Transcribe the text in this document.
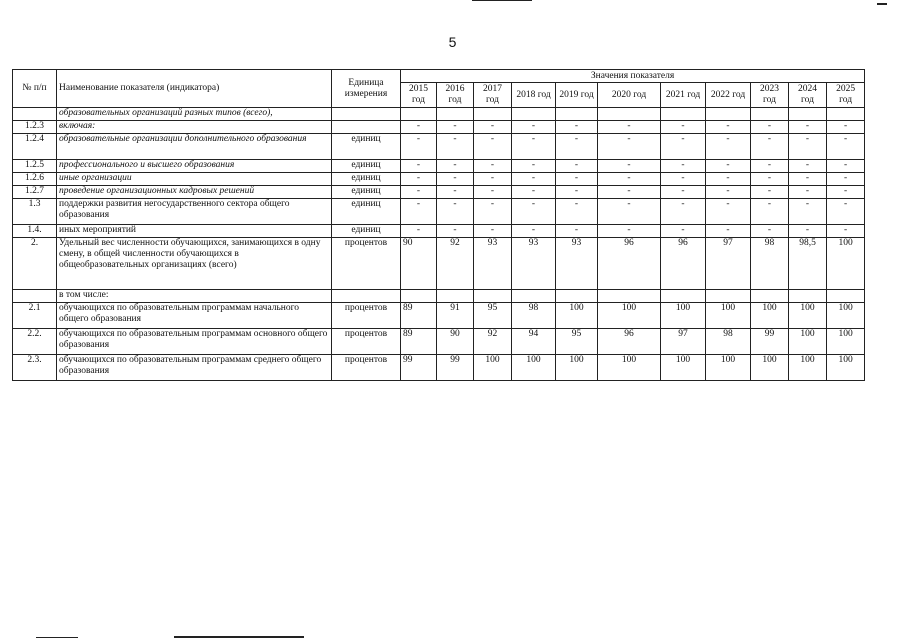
5
№ п/п	Наименование показателя (индикатора)	Единица измерения	Значения показателя										
			2015 год	2016 год	2017 год	2018 год	2019 год	2020 год	2021 год	2022 год	2023 год	2024 год	2025 год
	образовательных организаций разных типов (всего),												
1.2.3	включая:		-	-	-	-	-	-	-	-	-	-	-
1.2.4	образовательные организации дополнительного образования	единиц	-	-	-	-	-	-	-	-	-	-	-
1.2.5	профессионального и высшего образования	единиц	-	-	-	-	-	-	-	-	-	-	-
1.2.6	иные организации	единиц	-	-	-	-	-	-	-	-	-	-	-
1.2.7	проведение организационных кадровых решений	единиц	-	-	-	-	-	-	-	-	-	-	-
1.3	поддержки развития негосударственного сектора общего образования	единиц	-	-	-	-	-	-	-	-	-	-	-
1.4.	иных мероприятий	единиц	-	-	-	-	-	-	-	-	-	-	-
2.	Удельный вес численности обучающихся, занимающихся в одну смену, в общей численности обучающихся в общеобразовательных организациях (всего)	процентов	90	92	93	93	93	96	96	97	98	98,5	100
	в том числе:												
2.1	обучающихся по образовательным программам начального общего образования	процентов	89	91	95	98	100	100	100	100	100	100	100
2.2.	обучающихся по образовательным программам основного общего образования	процентов	89	90	92	94	95	96	97	98	99	100	100
2.3.	обучающихся по образовательным программам среднего общего образования	процентов	99	99	100	100	100	100	100	100	100	100	100
